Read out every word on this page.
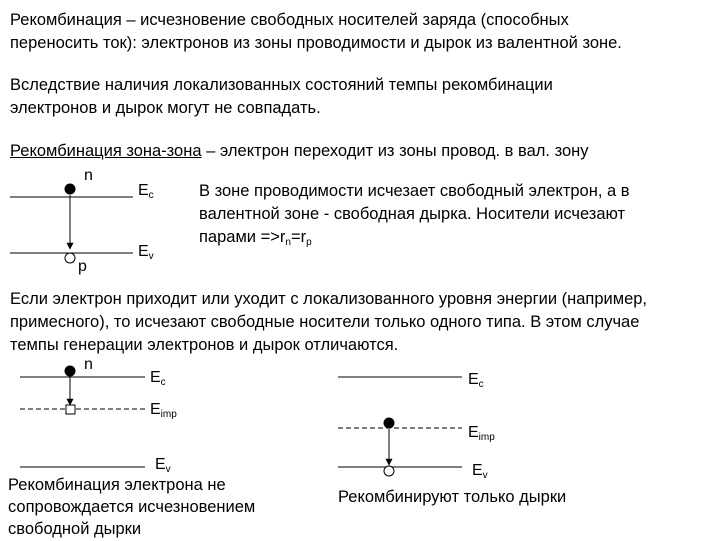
Рекомбинация – исчезновение свободных носителей заряда (способных
переносить ток): электронов из зоны проводимости и дырок из валентной зоне.
Вследствие наличия локализованных состояний темпы рекомбинации
электронов и дырок могут не совпадать.
Рекомбинация зона-зона – электрон переходит из зоны провод. в вал. зону
n
$E_c$
$E_v$
p
В зоне проводимости исчезает свободный электрон, а в
валентной зоне - свободная дырка. Носители исчезают
парами $=>r_n=r_p$
Если электрон приходит или уходит с локализованного уровня энергии (например,
примесного), то исчезают свободные носители только одного типа. В этом случае
темпы генерации электронов и дырок отличаются.
n
$E_c$
$E_{imp}$
$E_v$
Рекомбинация электрона не
сопровождается исчезновением
свободной дырки
$E_c$
$E_{imp}$
$E_v$
Рекомбинируют только дырки
